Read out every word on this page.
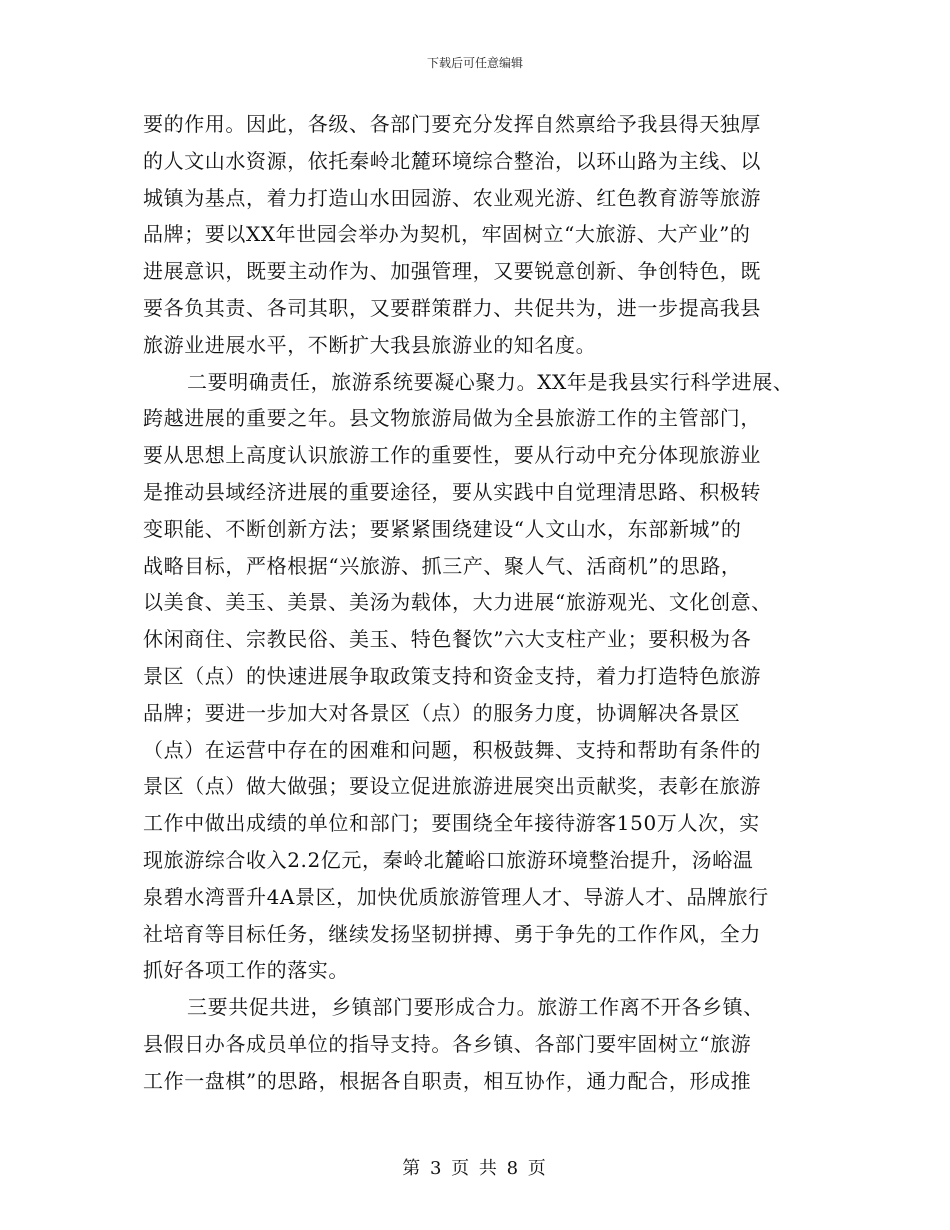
下载后可任意编辑
要的作用。因此，各级、各部门要充分发挥自然禀给予我县得天独厚
的人文山水资源，依托秦岭北麓环境综合整治，以环山路为主线、以
城镇为基点，着力打造山水田园游、农业观光游、红色教育游等旅游
品牌；要以XX年世园会举办为契机，牢固树立“大旅游、大产业”的
进展意识，既要主动作为、加强管理，又要锐意创新、争创特色，既
要各负其责、各司其职，又要群策群力、共促共为，进一步提高我县
旅游业进展水平，不断扩大我县旅游业的知名度。
二要明确责任，旅游系统要凝心聚力。XX年是我县实行科学进展、
跨越进展的重要之年。县文物旅游局做为全县旅游工作的主管部门，
要从思想上高度认识旅游工作的重要性，要从行动中充分体现旅游业
是推动县域经济进展的重要途径，要从实践中自觉理清思路、积极转
变职能、不断创新方法；要紧紧围绕建设“人文山水，东部新城”的
战略目标，严格根据“兴旅游、抓三产、聚人气、活商机”的思路，
以美食、美玉、美景、美汤为载体，大力进展“旅游观光、文化创意、
休闲商住、宗教民俗、美玉、特色餐饮”六大支柱产业；要积极为各
景区（点）的快速进展争取政策支持和资金支持，着力打造特色旅游
品牌；要进一步加大对各景区（点）的服务力度，协调解决各景区
（点）在运营中存在的困难和问题，积极鼓舞、支持和帮助有条件的
景区（点）做大做强；要设立促进旅游进展突出贡献奖，表彰在旅游
工作中做出成绩的单位和部门；要围绕全年接待游客150万人次，实
现旅游综合收入2.2亿元，秦岭北麓峪口旅游环境整治提升，汤峪温
泉碧水湾晋升4A景区，加快优质旅游管理人才、导游人才、品牌旅行
社培育等目标任务，继续发扬坚韧拼搏、勇于争先的工作作风，全力
抓好各项工作的落实。
三要共促共进，乡镇部门要形成合力。旅游工作离不开各乡镇、
县假日办各成员单位的指导支持。各乡镇、各部门要牢固树立“旅游
工作一盘棋”的思路，根据各自职责，相互协作，通力配合，形成推
第 3 页 共 8 页
